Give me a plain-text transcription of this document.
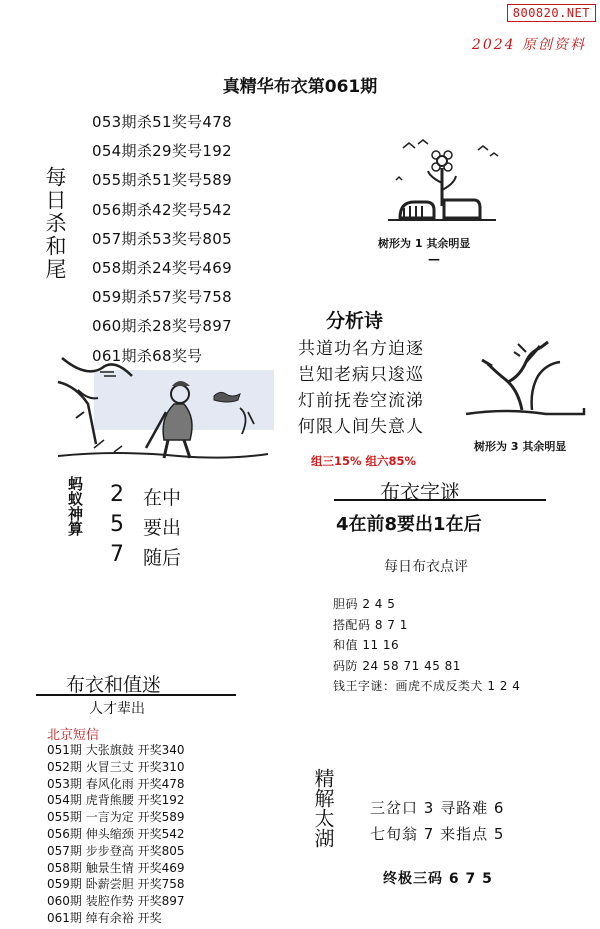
800820.NET
2024 原创资料
真精华布衣第061期
053期杀51奖号478
054期杀29奖号192
055期杀51奖号589
056期杀42奖号542
057期杀53奖号805
058期杀24奖号469
059期杀57奖号758
060期杀28奖号897
061期杀68奖号
每日杀和尾	树形为 1 其余明显
—
分析诗
共道功名方迫逐
岂知老病只逡巡
灯前抚卷空流涕
何限人间失意人
树形为 3 其余明显
组三15% 组六85%
蚂蚁神算 2
5
7
在中
要出
随后
布衣字谜
4在前8要出1在后
每日布衣点评
胆码 2 4 5
搭配码 8 7 1
和值 11 16
码防 24 58 71 45 81
钱王字谜：画虎不成反类犬 1 2 4
布衣和值迷
人才辈出
北京短信
051期 大张旗鼓 开奖340
052期 火冒三丈 开奖310
053期 春风化雨 开奖478
054期 虎背熊腰 开奖192
055期 一言为定 开奖589
056期 伸头缩颈 开奖542
057期 步步登高 开奖805
058期 触景生情 开奖469
059期 卧薪尝胆 开奖758
060期 装腔作势 开奖897
061期 绰有余裕 开奖
精解太湖	三岔口 3 寻路难 6
七旬翁 7 来指点 5
终极三码 6 7 5
